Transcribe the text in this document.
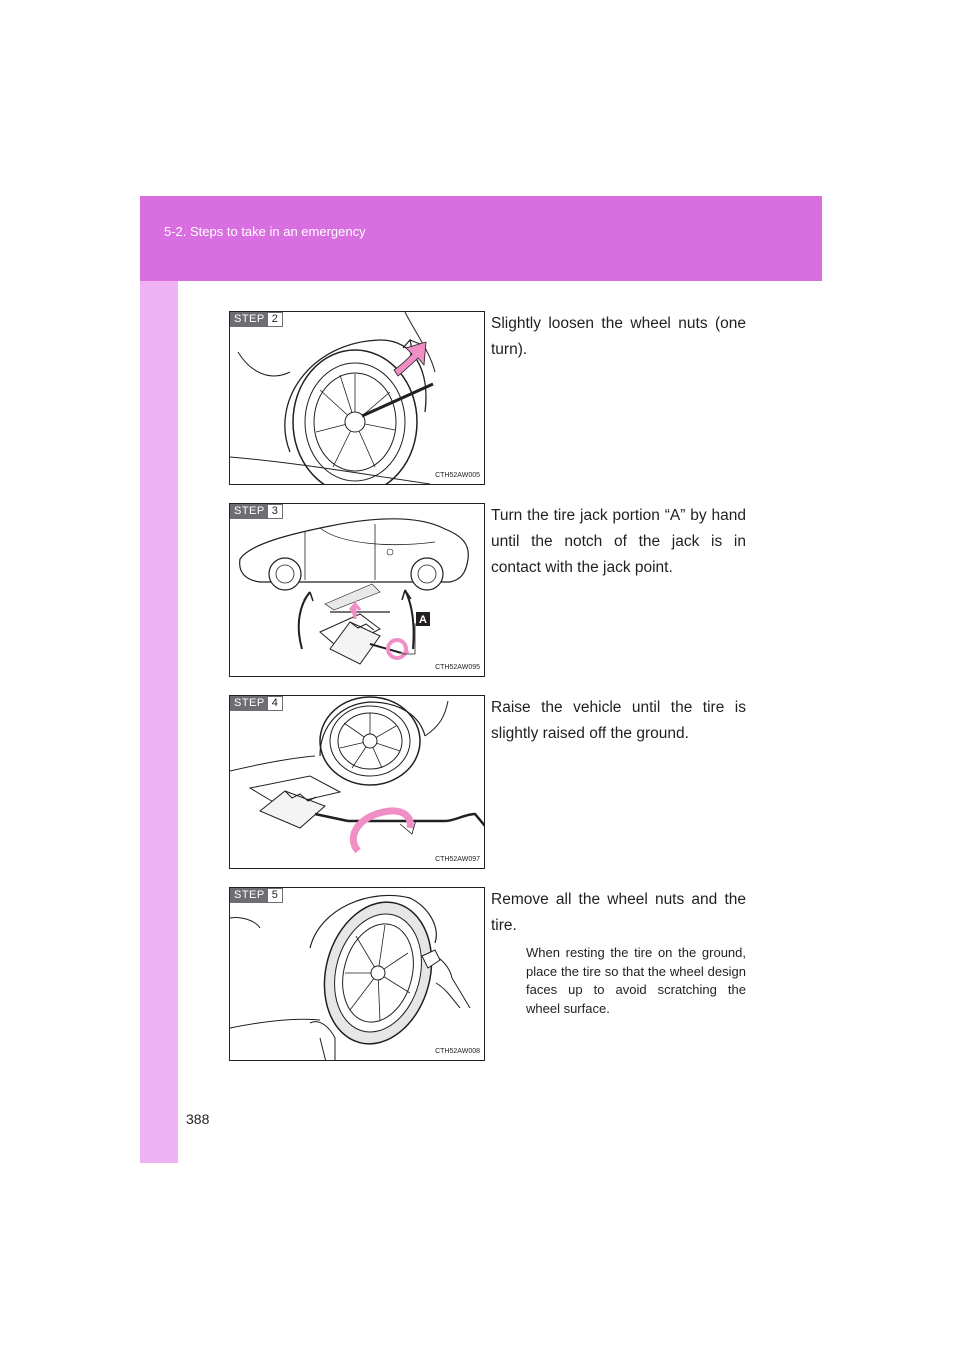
5-2. Steps to take in an emergency
388
STEP 2
CTH52AW005
Slightly loosen the wheel nuts (one turn).
STEP 3
A
CTH52AW095
Turn the tire jack portion “A” by hand until the notch of the jack is in contact with the jack point.
STEP 4
CTH52AW097
Raise the vehicle until the tire is slightly raised off the ground.
STEP 5
CTH52AW008
Remove all the wheel nuts and the tire.
When resting the tire on the ground, place the tire so that the wheel design faces up to avoid scratching the wheel surface.
